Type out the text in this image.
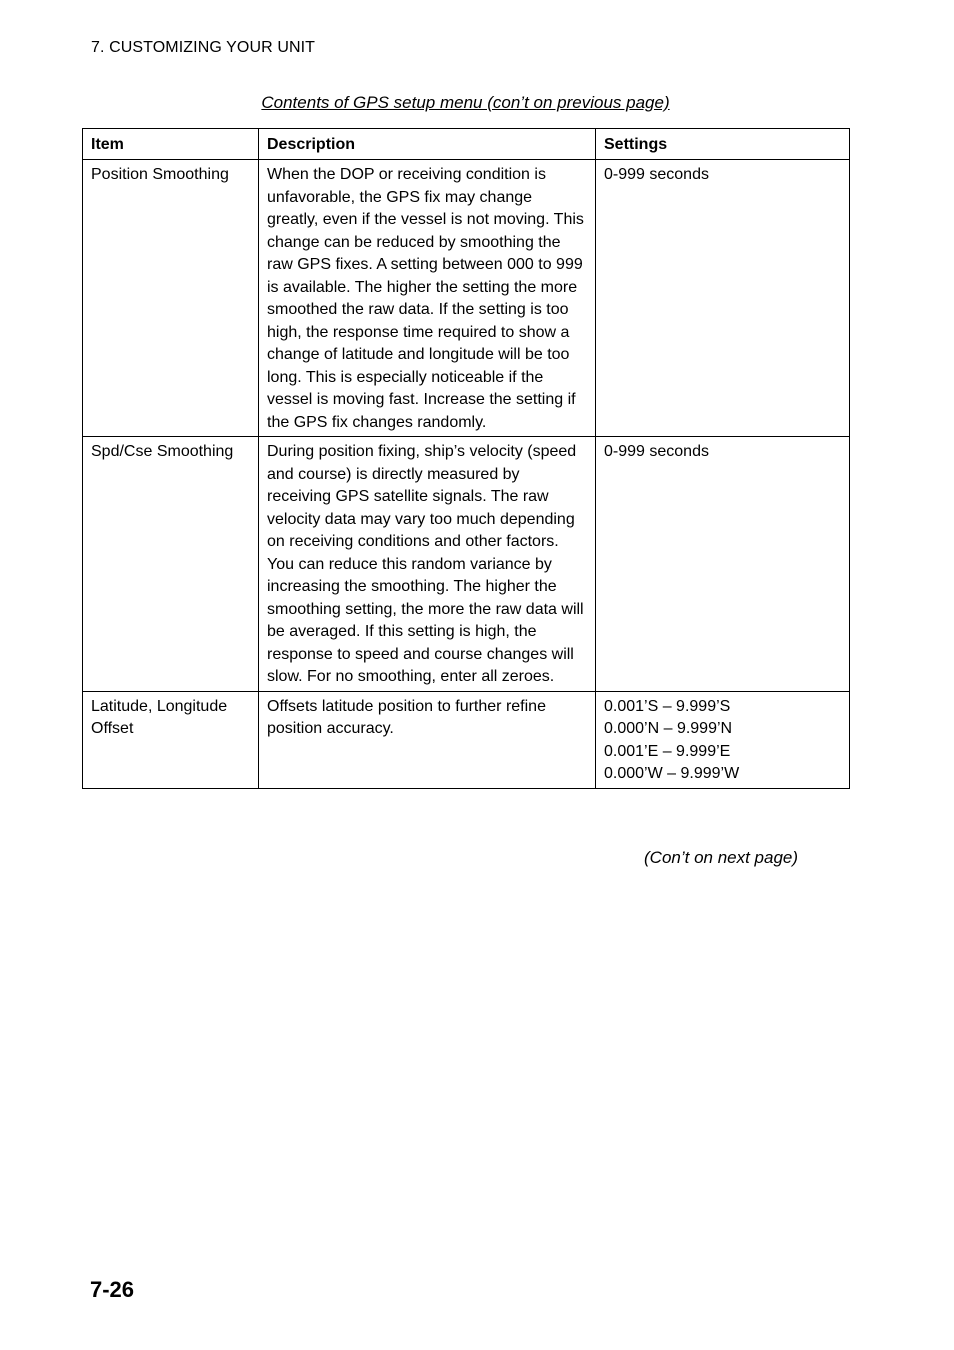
7. CUSTOMIZING YOUR UNIT
Contents of GPS setup menu (con’t on previous page)
Item	Description	Settings
Position Smoothing	When the DOP or receiving condition is unfavorable, the GPS fix may change greatly, even if the vessel is not moving. This change can be reduced by smoothing the raw GPS fixes. A setting between 000 to 999 is available. The higher the setting the more smoothed the raw data. If the setting is too high, the response time required to show a change of latitude and longitude will be too long. This is especially noticeable if the vessel is moving fast. Increase the setting if the GPS fix changes randomly.	0-999 seconds

Spd/Cse Smoothing	During position fixing, ship’s velocity (speed and course) is directly measured by receiving GPS satellite signals. The raw velocity data may vary too much depending on receiving conditions and other factors. You can reduce this random variance by increasing the smoothing. The higher the smoothing setting, the more the raw data will be averaged. If this setting is high, the response to speed and course changes will slow. For no smoothing, enter all zeroes.	0-999 seconds

Latitude, Longitude Offset	Offsets latitude position to further refine position accuracy.	0.001’S – 9.999’S
0.000’N – 9.999’N
0.001’E – 9.999’E
0.000’W – 9.999’W
(Con’t on next page)
7-26
